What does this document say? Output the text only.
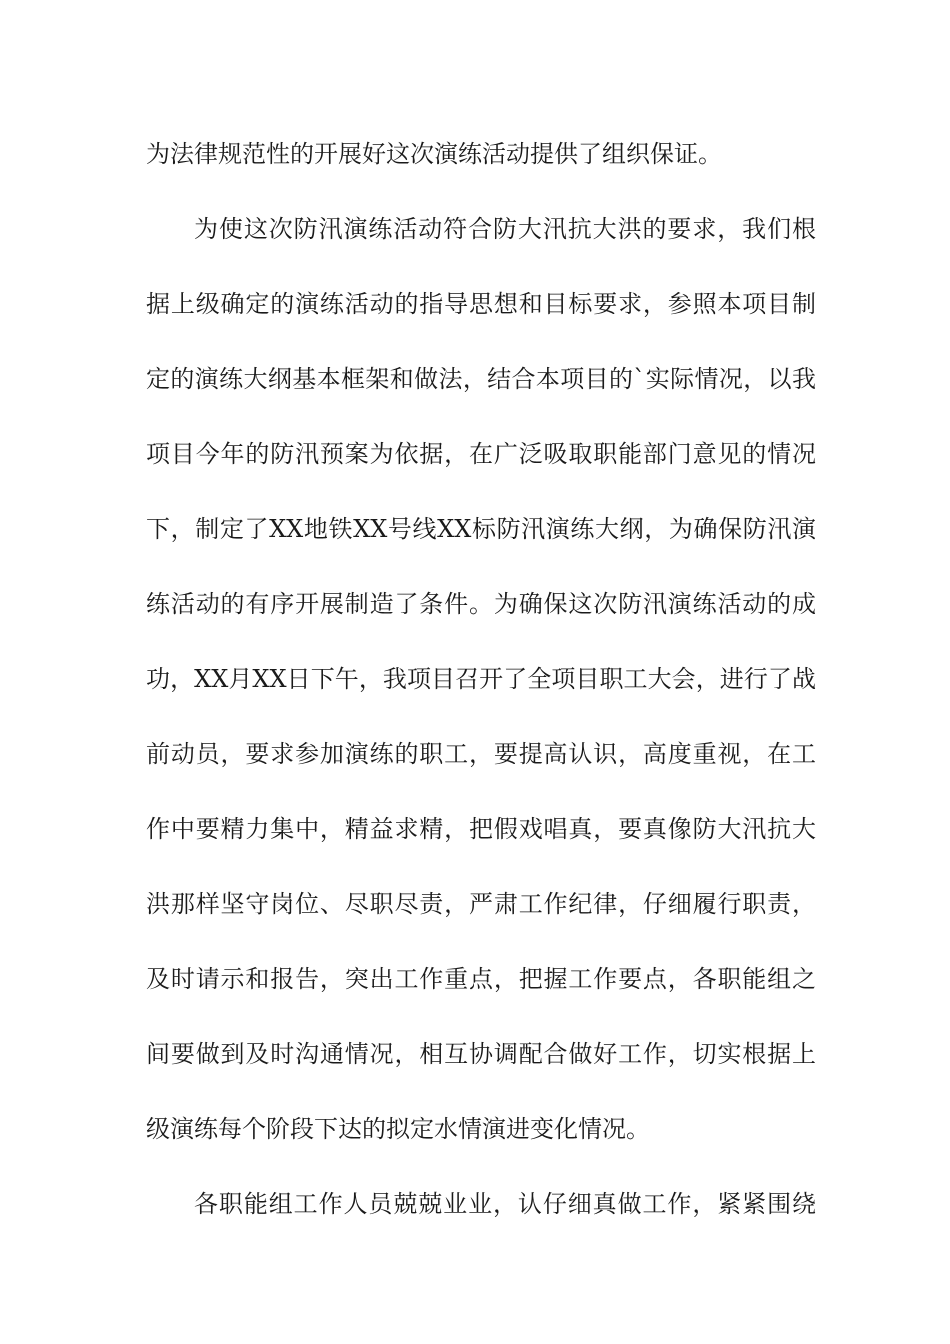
为法律规范性的开展好这次演练活动提供了组织保证。
为使这次防汛演练活动符合防大汛抗大洪的要求，我们根
据上级确定的演练活动的指导思想和目标要求，参照本项目制
定的演练大纲基本框架和做法，结合本项目的`实际情况，以我
项目今年的防汛预案为依据，在广泛吸取职能部门意见的情况
下，制定了XX地铁XX号线XX标防汛演练大纲，为确保防汛演
练活动的有序开展制造了条件。为确保这次防汛演练活动的成
功，XX月XX日下午，我项目召开了全项目职工大会，进行了战
前动员，要求参加演练的职工，要提高认识，高度重视，在工
作中要精力集中，精益求精，把假戏唱真，要真像防大汛抗大
洪那样坚守岗位、尽职尽责，严肃工作纪律，仔细履行职责，
及时请示和报告，突出工作重点，把握工作要点，各职能组之
间要做到及时沟通情况，相互协调配合做好工作，切实根据上
级演练每个阶段下达的拟定水情演进变化情况。
各职能组工作人员兢兢业业，认仔细真做工作，紧紧围绕
